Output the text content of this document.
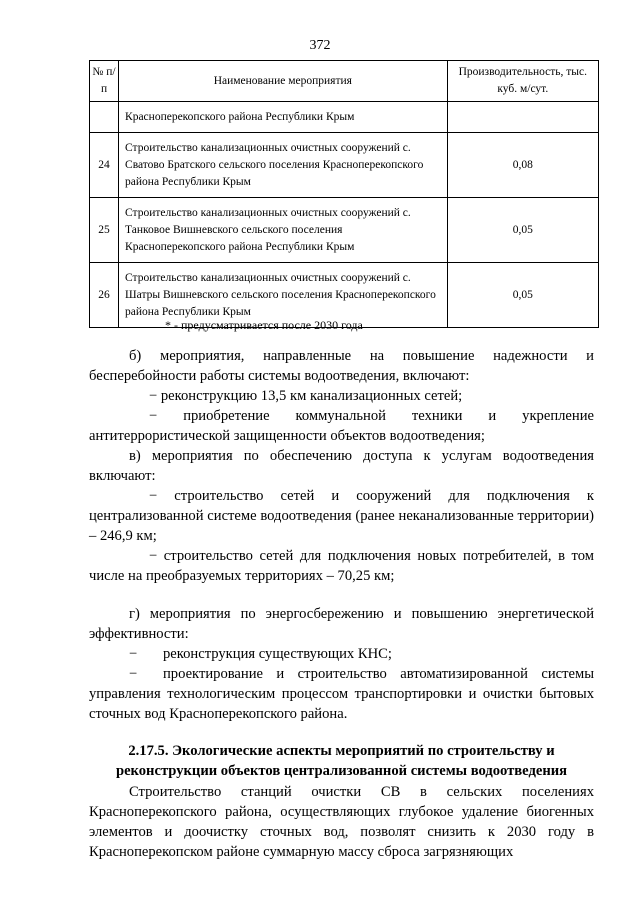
372
№ п/п	Наименование мероприятия	Производительность, тыс. куб. м/сут.
	Красноперекопского района Республики Крым	
24	Строительство канализационных очистных сооружений с. Сватово Братского сельского поселения Красноперекопского района Республики Крым	0,08
25	Строительство канализационных очистных сооружений с. Танковое Вишневского сельского поселения Красноперекопского района Республики Крым	0,05
26	Строительство канализационных очистных сооружений с. Шатры Вишневского сельского поселения Красноперекопского района Республики Крым	0,05
* - предусматривается после 2030 года

б) мероприятия, направленные на повышение надежности и бесперебойности работы системы водоотведения, включают:

− реконструкцию 13,5 км канализационных сетей;

− приобретение коммунальной техники и укрепление антитеррористической защищенности объектов водоотведения;

в) мероприятия по обеспечению доступа к услугам водоотведения включают:

− строительство сетей и сооружений для подключения к централизованной системе водоотведения (ранее неканализованные территории) – 246,9 км;

− строительство сетей для подключения новых потребителей, в том числе на преобразуемых территориях – 70,25 км;

г) мероприятия по энергосбережению и повышению энергетической эффективности:

− реконструкция существующих КНС;

− проектирование и строительство автоматизированной системы управления технологическим процессом транспортировки и очистки бытовых сточных вод Красноперекопского района.

2.17.5. Экологические аспекты мероприятий по строительству и реконструкции объектов централизованной системы водоотведения

Строительство станций очистки СВ в сельских поселениях Красноперекопского района, осуществляющих глубокое удаление биогенных элементов и доочистку сточных вод, позволят снизить к 2030 году в Красноперекопском районе суммарную массу сброса загрязняющих
